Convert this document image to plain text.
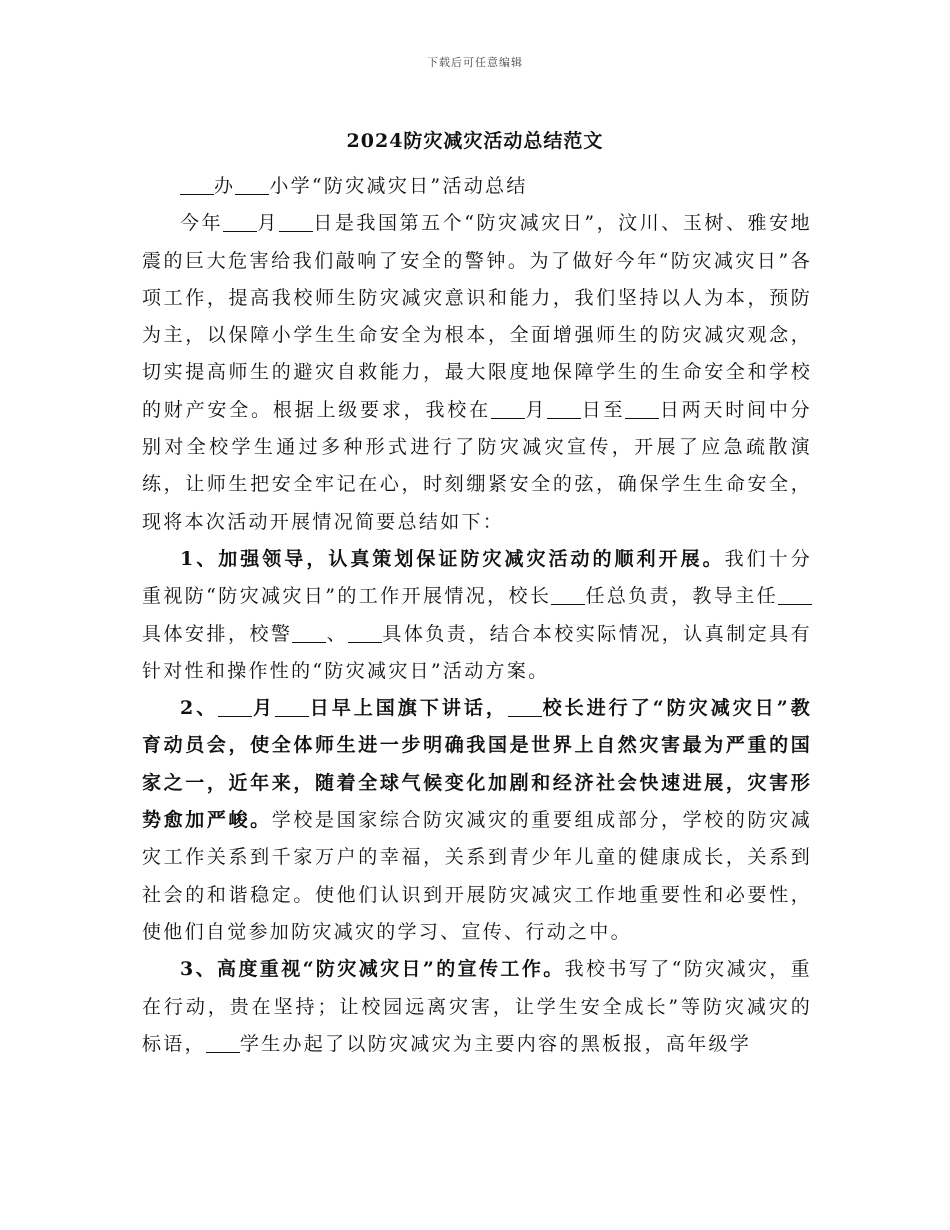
下载后可任意编辑
2024防灾减灾活动总结范文

办 小学“防灾减灾日”活动总结

今年 月 日是我国第五个“防灾减灾日”，汶川、玉树、雅安地震的巨大危害给我们敲响了安全的警钟。为了做好今年“防灾减灾日”各项工作，提高我校师生防灾减灾意识和能力，我们坚持以人为本，预防为主，以保障小学生生命安全为根本，全面增强师生的防灾减灾观念，切实提高师生的避灾自救能力，最大限度地保障学生的生命安全和学校的财产安全。根据上级要求，我校在 月 日至 日两天时间中分别对全校学生通过多种形式进行了防灾减灾宣传，开展了应急疏散演练，让师生把安全牢记在心，时刻绷紧安全的弦，确保学生生命安全，现将本次活动开展情况简要总结如下：

1、加强领导，认真策划保证防灾减灾活动的顺利开展。我们十分重视防“防灾减灾日”的工作开展情况，校长 任总负责，教导主任具体安排，校警 、 具体负责，结合本校实际情况，认真制定具有针对性和操作性的“防灾减灾日”活动方案。

2、 月 日早上国旗下讲话， 校长进行了“防灾减灾日”教育动员会，使全体师生进一步明确我国是世界上自然灾害最为严重的国家之一，近年来，随着全球气候变化加剧和经济社会快速进展，灾害形势愈加严峻。学校是国家综合防灾减灾的重要组成部分，学校的防灾减灾工作关系到千家万户的幸福，关系到青少年儿童的健康成长，关系到社会的和谐稳定。使他们认识到开展防灾减灾工作地重要性和必要性，使他们自觉参加防灾减灾的学习、宣传、行动之中。

3、高度重视“防灾减灾日”的宣传工作。我校书写了“防灾减灾，重在行动，贵在坚持；让校园远离灾害，让学生安全成长”等防灾减灾的标语， 学生办起了以防灾减灾为主要内容的黑板报，高年级学
